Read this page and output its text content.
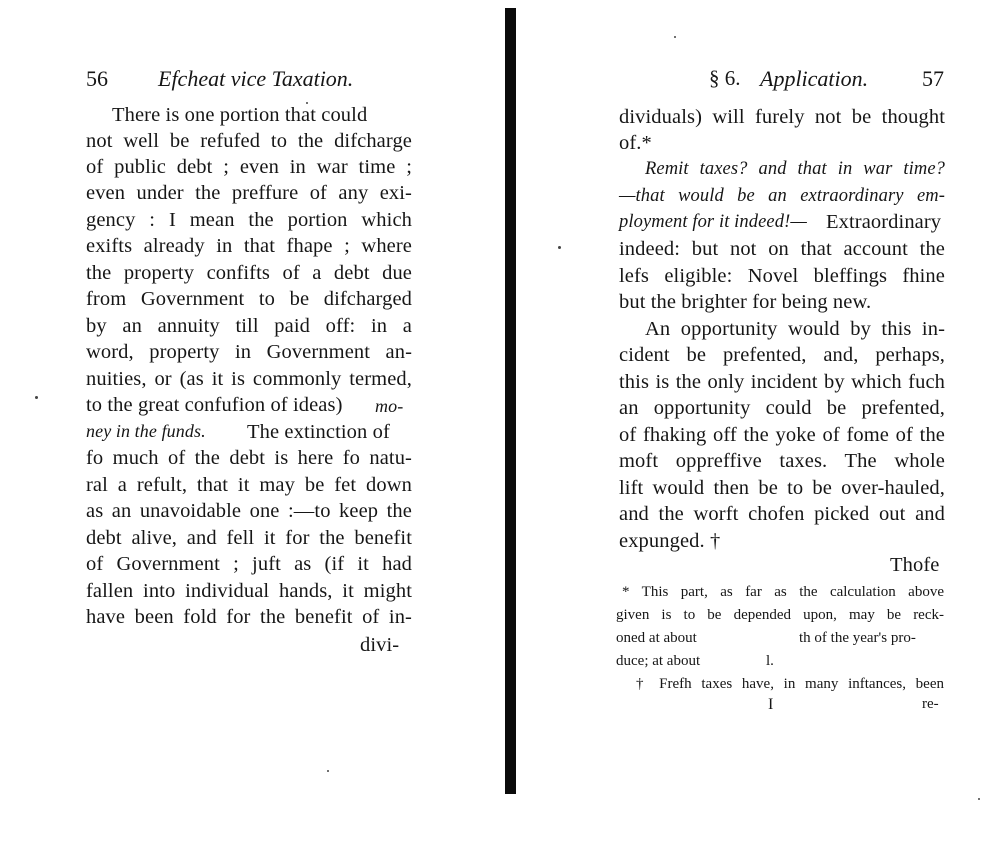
56 Efcheat vice Taxation.
There is one portion that could
not well be refufed to the difcharge
of public debt ; even in war time ;
even under the preffure of any exi-
gency : I mean the portion which
exifts already in that fhape ; where
the property confifts of a debt due
from Government to be difcharged
by an annuity till paid off: in a
word, property in Government an-
nuities, or (as it is commonly termed,
to the great confufion of ideas) mo-
ney in the funds. The extinction of
fo much of the debt is here fo natu-
ral a refult, that it may be fet down
as an unavoidable one :—to keep the
debt alive, and fell it for the benefit
of Government ; juft as (if it had
fallen into individual hands, it might
have been fold for the benefit of in-
divi-
§ 6. Application. 57
dividuals) will furely not be thought
of.*
Remit taxes? and that in war time?
—that would be an extraordinary em-
ployment for it indeed!— Extraordinary
indeed: but not on that account the
lefs eligible: Novel bleffings fhine
but the brighter for being new.
An opportunity would by this in-
cident be prefented, and, perhaps,
this is the only incident by which fuch
an opportunity could be prefented,
of fhaking off the yoke of fome of the
moft oppreffive taxes. The whole
lift would then be to be over-hauled,
and the worft chofen picked out and
expunged. †
Thofe
* This part, as far as the calculation above
given is to be depended upon, may be reck-
oned at about	th of the year's pro-
duce; at about	l.
† Frefh taxes have, in many inftances, been
I	re-
